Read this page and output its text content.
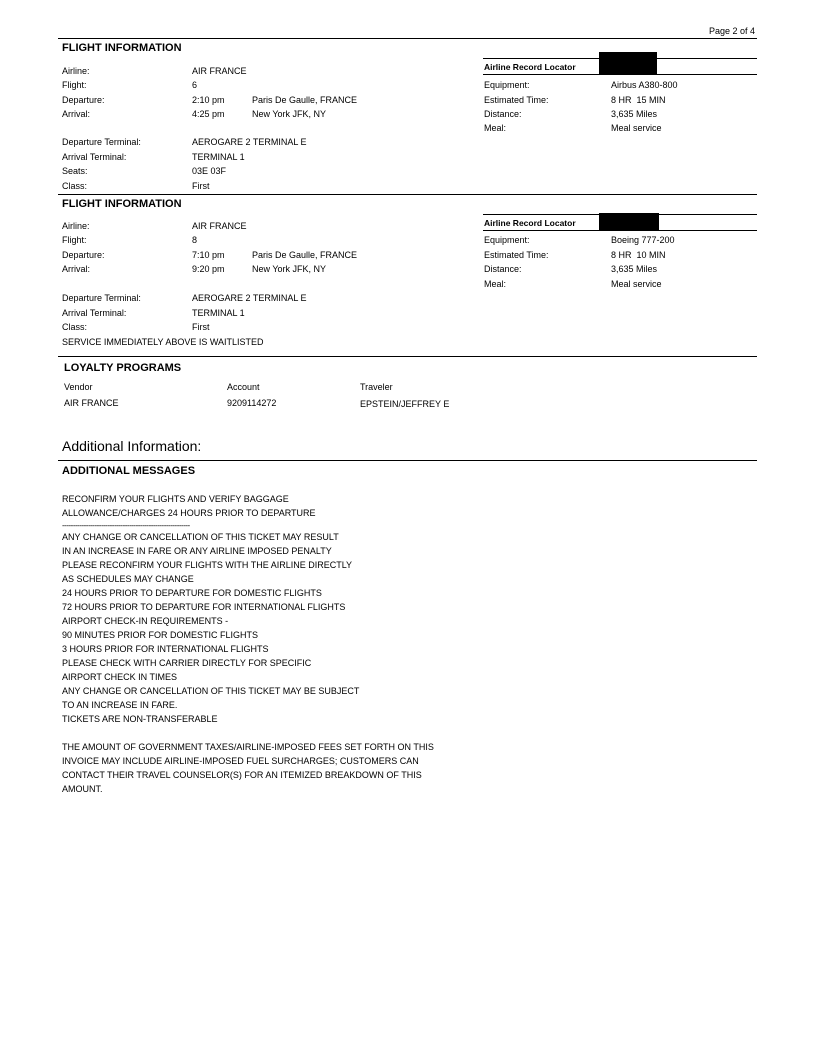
Page 2 of 4
FLIGHT INFORMATION
Airline:	AIR FRANCE
Flight:	6
Departure:	2:10 pm	Paris De Gaulle, FRANCE
Arrival:	4:25 pm	New York JFK, NY
Departure Terminal:	AEROGARE 2 TERMINAL E
Arrival Terminal:	TERMINAL 1
Seats:	03E 03F
Class:	First
Airline Record Locator
Equipment:	Airbus A380-800
Estimated Time:	8 HR  15 MIN
Distance:	3,635 Miles
Meal:	Meal service
FLIGHT INFORMATION
Airline:	AIR FRANCE
Flight:	8
Departure:	7:10 pm	Paris De Gaulle, FRANCE
Arrival:	9:20 pm	New York JFK, NY
Departure Terminal:	AEROGARE 2 TERMINAL E
Arrival Terminal:	TERMINAL 1
Class:	First
SERVICE IMMEDIATELY ABOVE IS WAITLISTED
Airline Record Locator
Equipment:	Boeing 777-200
Estimated Time:	8 HR  10 MIN
Distance:	3,635 Miles
Meal:	Meal service
LOYALTY PROGRAMS
Vendor	Account	Traveler
AIR FRANCE	9209114272	EPSTEIN/JEFFREY E
Additional Information:
ADDITIONAL MESSAGES
RECONFIRM YOUR FLIGHTS AND VERIFY BAGGAGE
ALLOWANCE/CHARGES 24 HOURS PRIOR TO DEPARTURE
-----------------------------------------------------------
ANY CHANGE OR CANCELLATION OF THIS TICKET MAY RESULT
IN AN INCREASE IN FARE OR ANY AIRLINE IMPOSED PENALTY
PLEASE RECONFIRM YOUR FLIGHTS WITH THE AIRLINE DIRECTLY
AS SCHEDULES MAY CHANGE
24 HOURS PRIOR TO DEPARTURE FOR DOMESTIC FLIGHTS
72 HOURS PRIOR TO DEPARTURE FOR INTERNATIONAL FLIGHTS
AIRPORT CHECK-IN REQUIREMENTS -
90 MINUTES PRIOR FOR DOMESTIC FLIGHTS
3 HOURS PRIOR FOR INTERNATIONAL FLIGHTS
PLEASE CHECK WITH CARRIER DIRECTLY FOR SPECIFIC
AIRPORT CHECK IN TIMES
ANY CHANGE OR CANCELLATION OF THIS TICKET MAY BE SUBJECT
TO AN INCREASE IN FARE.
TICKETS ARE NON-TRANSFERABLE
THE AMOUNT OF GOVERNMENT TAXES/AIRLINE-IMPOSED FEES SET FORTH ON THIS
INVOICE MAY INCLUDE AIRLINE-IMPOSED FUEL SURCHARGES; CUSTOMERS CAN
CONTACT THEIR TRAVEL COUNSELOR(S) FOR AN ITEMIZED BREAKDOWN OF THIS
AMOUNT.
